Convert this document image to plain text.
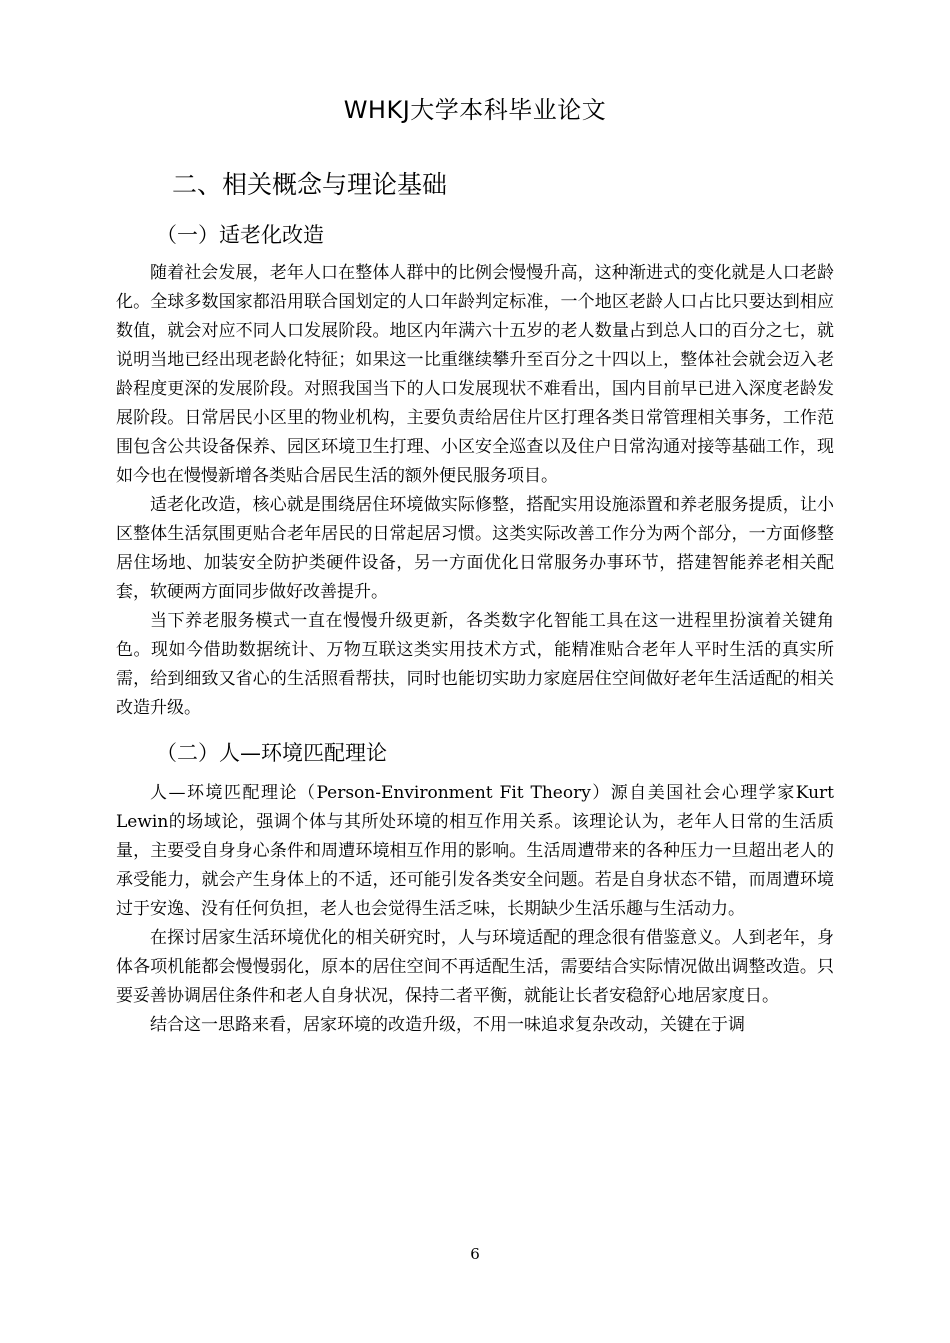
WHKJ大学本科毕业论文
二、相关概念与理论基础
（一）适老化改造

随着社会发展，老年人口在整体人群中的比例会慢慢升高，这种渐进式的变化就是人口老龄化。全球多数国家都沿用联合国划定的人口年龄判定标准，一个地区老龄人口占比只要达到相应数值，就会对应不同人口发展阶段。地区内年满六十五岁的老人数量占到总人口的百分之七，就说明当地已经出现老龄化特征；如果这一比重继续攀升至百分之十四以上，整体社会就会迈入老龄程度更深的发展阶段。对照我国当下的人口发展现状不难看出，国内目前早已进入深度老龄发展阶段。日常居民小区里的物业机构，主要负责给居住片区打理各类日常管理相关事务，工作范围包含公共设备保养、园区环境卫生打理、小区安全巡查以及住户日常沟通对接等基础工作，现如今也在慢慢新增各类贴合居民生活的额外便民服务项目。

适老化改造，核心就是围绕居住环境做实际修整，搭配实用设施添置和养老服务提质，让小区整体生活氛围更贴合老年居民的日常起居习惯。这类实际改善工作分为两个部分，一方面修整居住场地、加装安全防护类硬件设备，另一方面优化日常服务办事环节，搭建智能养老相关配套，软硬两方面同步做好改善提升。

当下养老服务模式一直在慢慢升级更新，各类数字化智能工具在这一进程里扮演着关键角色。现如今借助数据统计、万物互联这类实用技术方式，能精准贴合老年人平时生活的真实所需，给到细致又省心的生活照看帮扶，同时也能切实助力家庭居住空间做好老年生活适配的相关改造升级。

（二）人—环境匹配理论

人—环境匹配理论（Person-Environment Fit Theory）源自美国社会心理学家Kurt Lewin的场域论，强调个体与其所处环境的相互作用关系。该理论认为，老年人日常的生活质量，主要受自身身心条件和周遭环境相互作用的影响。生活周遭带来的各种压力一旦超出老人的承受能力，就会产生身体上的不适，还可能引发各类安全问题。若是自身状态不错，而周遭环境过于安逸、没有任何负担，老人也会觉得生活乏味，长期缺少生活乐趣与生活动力。

在探讨居家生活环境优化的相关研究时，人与环境适配的理念很有借鉴意义。人到老年，身体各项机能都会慢慢弱化，原本的居住空间不再适配生活，需要结合实际情况做出调整改造。只要妥善协调居住条件和老人自身状况，保持二者平衡，就能让长者安稳舒心地居家度日。

结合这一思路来看，居家环境的改造升级，不用一味追求复杂改动，关键在于调

6
